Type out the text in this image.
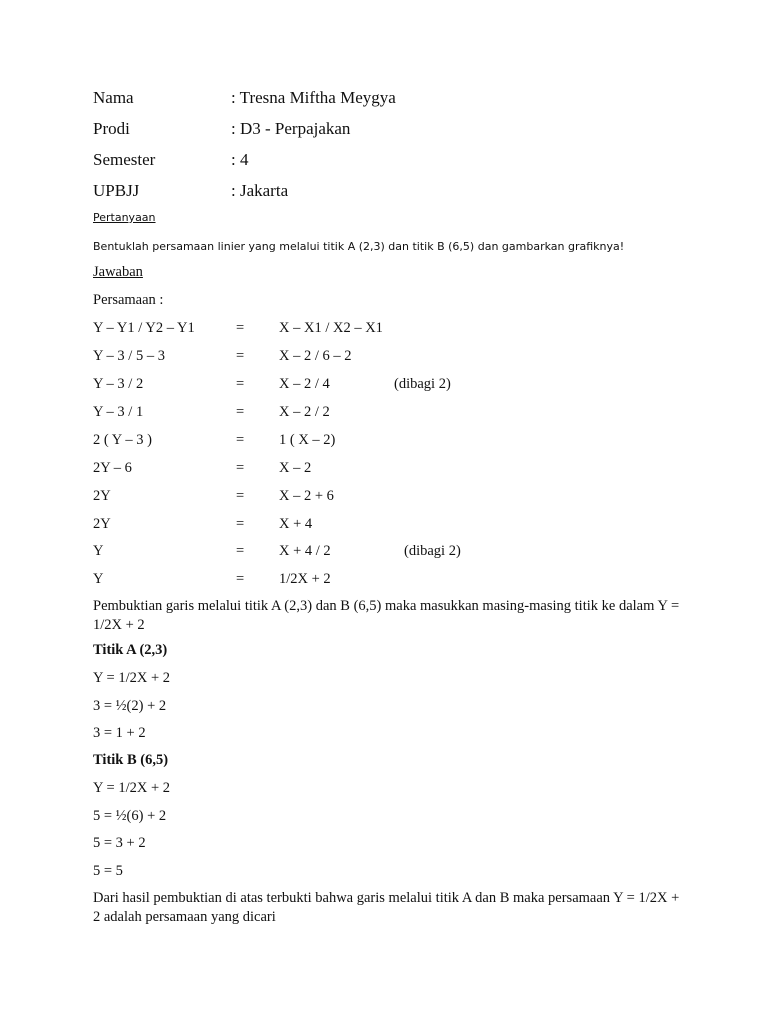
Nama	: Tresna Miftha Meygya
Prodi	: D3 - Perpajakan
Semester	: 4
UPBJJ	: Jakarta
Pertanyaan
Bentuklah persamaan linier yang melalui titik A (2,3) dan titik B (6,5) dan gambarkan grafiknya!
Jawaban
Persamaan :
Y – Y1 / Y2 – Y1	= X – X1 / X2 – X1
Y – 3 / 5 – 3	= X – 2 / 6 – 2
Y – 3 / 2	= X – 2 / 4	(dibagi 2)
Y – 3 / 1	= X – 2 / 2
2 ( Y – 3 )	= 1 ( X – 2)
2Y – 6	= X – 2
2Y	= X – 2 + 6
2Y	= X + 4
Y	= X + 4 / 2	(dibagi 2)
Y	= 1/2X + 2
Pembuktian garis melalui titik A (2,3) dan B (6,5) maka masukkan masing-masing titik ke dalam Y = 1/2X + 2
Titik A (2,3)
Y = 1/2X + 2
3 = ½(2) + 2
3 = 1 + 2
Titik B (6,5)
Y = 1/2X + 2
5 = ½(6) + 2
5 = 3 + 2
5 = 5
Dari hasil pembuktian di atas terbukti bahwa garis melalui titik A dan B maka persamaan Y = 1/2X + 2 adalah persamaan yang dicari
